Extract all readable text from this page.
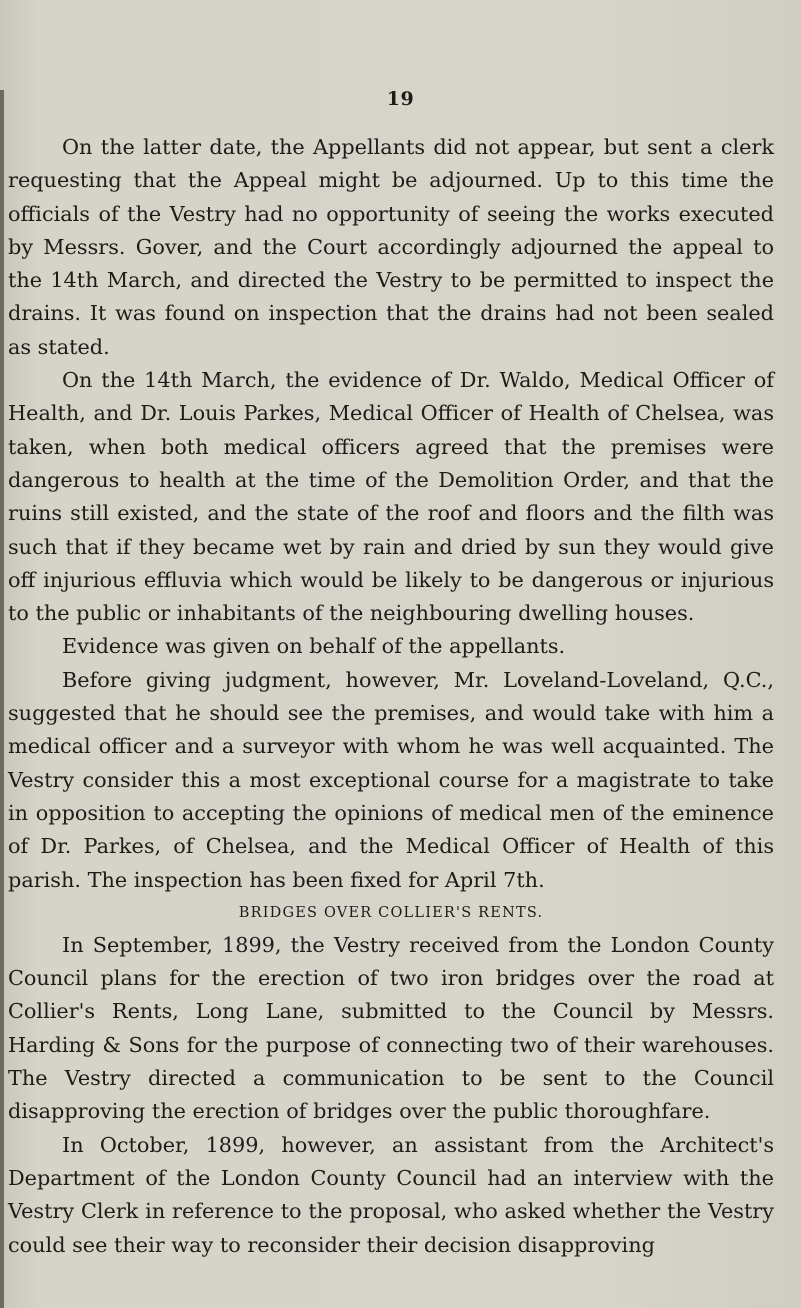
19

On the latter date, the Appellants did not appear, but sent a clerk requesting that the Appeal might be adjourned. Up to this time the officials of the Vestry had no opportunity of seeing the works executed by Messrs. Gover, and the Court accordingly adjourned the appeal to the 14th March, and directed the Vestry to be permitted to inspect the drains. It was found on inspection that the drains had not been sealed as stated.

On the 14th March, the evidence of Dr. Waldo, Medical Officer of Health, and Dr. Louis Parkes, Medical Officer of Health of Chelsea, was taken, when both medical officers agreed that the premises were dangerous to health at the time of the Demolition Order, and that the ruins still existed, and the state of the roof and floors and the filth was such that if they became wet by rain and dried by sun they would give off injurious effluvia which would be likely to be dangerous or injurious to the public or inhabitants of the neighbouring dwelling houses.

Evidence was given on behalf of the appellants.

Before giving judgment, however, Mr. Loveland-Loveland, Q.C., suggested that he should see the premises, and would take with him a medical officer and a surveyor with whom he was well acquainted. The Vestry consider this a most exceptional course for a magistrate to take in opposition to accepting the opinions of medical men of the eminence of Dr. Parkes, of Chelsea, and the Medical Officer of Health of this parish. The inspection has been fixed for April 7th.

BRIDGES OVER COLLIER'S RENTS.

In September, 1899, the Vestry received from the London County Council plans for the erection of two iron bridges over the road at Collier's Rents, Long Lane, submitted to the Council by Messrs. Harding & Sons for the purpose of connecting two of their warehouses. The Vestry directed a communication to be sent to the Council disapproving the erection of bridges over the public thoroughfare.

In October, 1899, however, an assistant from the Architect's Department of the London County Council had an interview with the Vestry Clerk in reference to the proposal, who asked whether the Vestry could see their way to reconsider their decision disapproving
